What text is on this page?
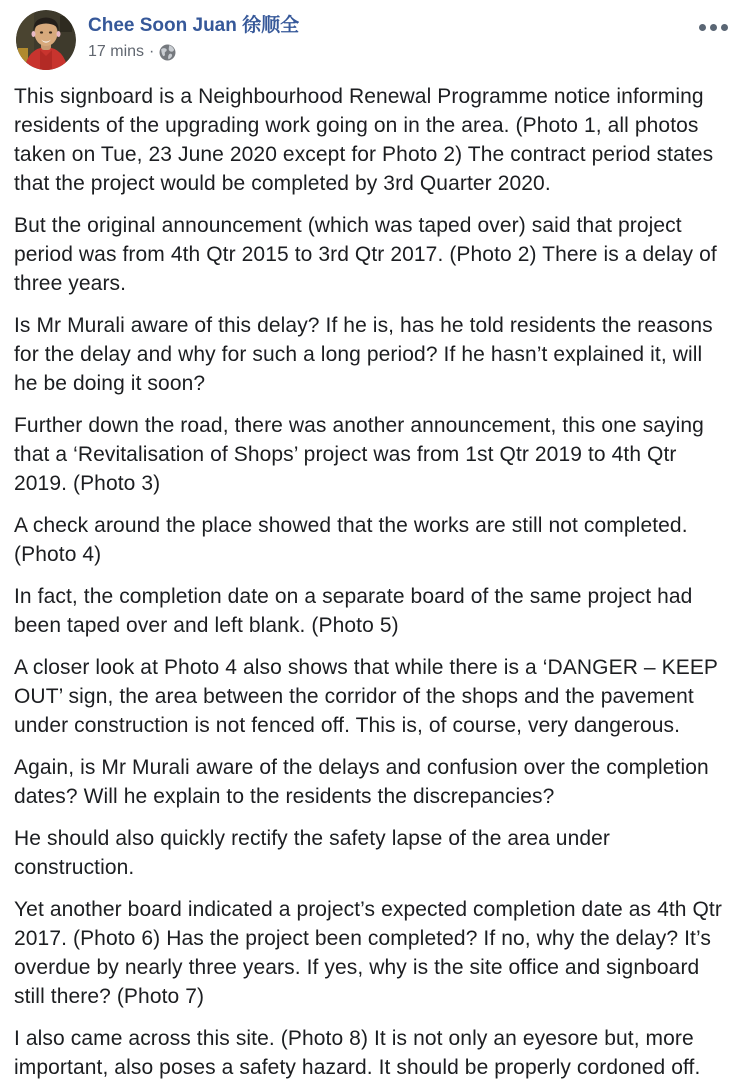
Chee Soon Juan 徐顺全
17 mins ·

This signboard is a Neighbourhood Renewal Programme notice informing residents of the upgrading work going on in the area. (Photo 1, all photos taken on Tue, 23 June 2020 except for Photo 2) The contract period states that the project would be completed by 3rd Quarter 2020.

But the original announcement (which was taped over) said that project period was from 4th Qtr 2015 to 3rd Qtr 2017. (Photo 2) There is a delay of three years.

Is Mr Murali aware of this delay? If he is, has he told residents the reasons for the delay and why for such a long period? If he hasn’t explained it, will he be doing it soon?

Further down the road, there was another announcement, this one saying that a ‘Revitalisation of Shops’ project was from 1st Qtr 2019 to 4th Qtr 2019. (Photo 3)

A check around the place showed that the works are still not completed. (Photo 4)

In fact, the completion date on a separate board of the same project had been taped over and left blank. (Photo 5)

A closer look at Photo 4 also shows that while there is a ‘DANGER – KEEP OUT’ sign, the area between the corridor of the shops and the pavement under construction is not fenced off. This is, of course, very dangerous.

Again, is Mr Murali aware of the delays and confusion over the completion dates? Will he explain to the residents the discrepancies?

He should also quickly rectify the safety lapse of the area under construction.

Yet another board indicated a project’s expected completion date as 4th Qtr 2017. (Photo 6) Has the project been completed? If no, why the delay? It’s overdue by nearly three years. If yes, why is the site office and signboard still there? (Photo 7)

I also came across this site. (Photo 8) It is not only an eyesore but, more important, also poses a safety hazard. It should be properly cordoned off.
